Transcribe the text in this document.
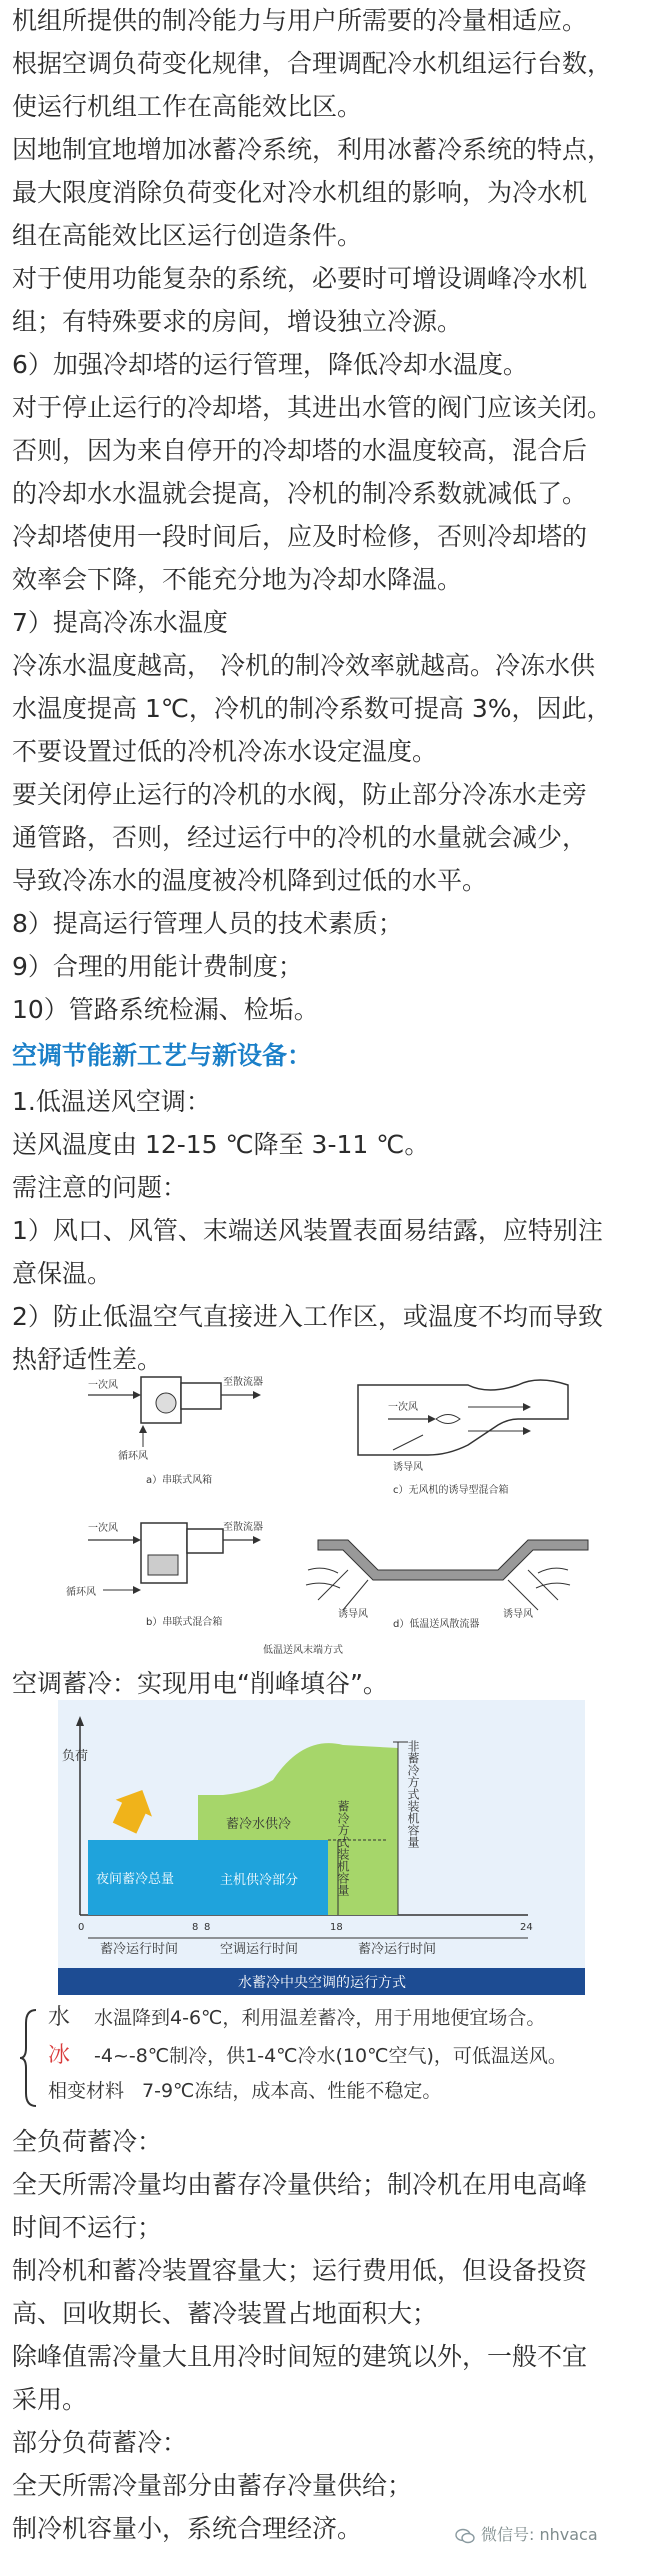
机组所提供的制冷能力与用户所需要的冷量相适应。

根据空调负荷变化规律，合理调配冷水机组运行台数，

使运行机组工作在高能效比区。

因地制宜地增加冰蓄冷系统，利用冰蓄冷系统的特点，

最大限度消除负荷变化对冷水机组的影响，为冷水机

组在高能效比区运行创造条件。

对于使用功能复杂的系统，必要时可增设调峰冷水机

组；有特殊要求的房间，增设独立冷源。

6）加强冷却塔的运行管理，降低冷却水温度。

对于停止运行的冷却塔，其进出水管的阀门应该关闭。

否则，因为来自停开的冷却塔的水温度较高，混合后

的冷却水水温就会提高，冷机的制冷系数就减低了。

冷却塔使用一段时间后，应及时检修，否则冷却塔的

效率会下降，不能充分地为冷却水降温。

7）提高冷冻水温度

冷冻水温度越高， 冷机的制冷效率就越高。冷冻水供

水温度提高 1℃，冷机的制冷系数可提高 3%，因此，

不要设置过低的冷机冷冻水设定温度。

要关闭停止运行的冷机的水阀，防止部分冷冻水走旁

通管路，否则，经过运行中的冷机的水量就会减少，

导致冷冻水的温度被冷机降到过低的水平。

8）提高运行管理人员的技术素质；

9）合理的用能计费制度；

10）管路系统检漏、检垢。

空调节能新工艺与新设备：

1.低温送风空调：

送风温度由 12-15 ℃降至 3-11 ℃。

需注意的问题：

1）风口、风管、末端送风装置表面易结露，应特别注

意保温。

2）防止低温空气直接进入工作区，或温度不均而导致

热舒适性差。

一次风	至散流器
循环风
a）串联式风箱
一次风	至散流器
循环风
b）串联式混合箱
一次风
诱导风
c）无风机的诱导型混合箱
诱导风	诱导风
d）低温送风散流器
低温送风末端方式

空调蓄冷：实现用电“削峰填谷”。

负荷
夜间蓄冷总量
蓄冷水供冷
主机供冷部分	蓄冷方式装机容量	非蓄冷方式装机容量
0	8 8	18	24
蓄冷运行时间	空调运行时间	蓄冷运行时间
水蓄冷中央空调的运行方式
水 水温降到4-6℃，利用温差蓄冷，用于用地便宜场合。
冰 -4~-8℃制冷，供1-4℃冷水(10℃空气)，可低温送风。
相变材料 7-9℃冻结，成本高、性能不稳定。

全负荷蓄冷：

全天所需冷量均由蓄存冷量供给；制冷机在用电高峰

时间不运行；

制冷机和蓄冷装置容量大；运行费用低，但设备投资

高、回收期长、蓄冷装置占地面积大；

除峰值需冷量大且用冷时间短的建筑以外，一般不宜

采用。

部分负荷蓄冷：

全天所需冷量部分由蓄存冷量供给；

制冷机容量小，系统合理经济。	微信号: nhvaca
